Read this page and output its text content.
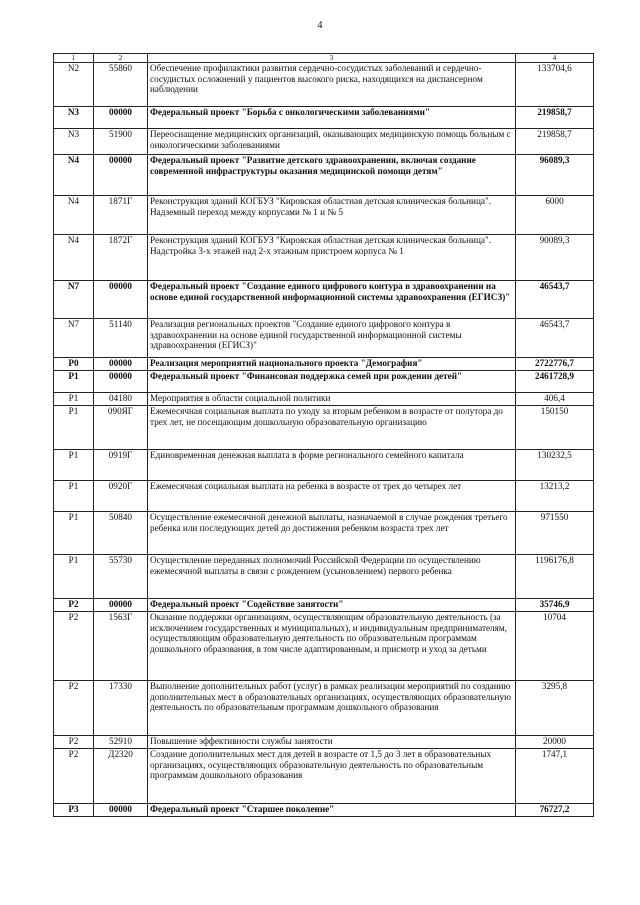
4
1	2	3	4
N2	55860	Обеспечение профилактики развития сердечно-сосудистых заболеваний и сердечно-сосудистых осложнений у пациентов высокого риска, находящихся на диспансерном наблюдении	133704,6
N3	00000	Федеральный проект "Борьба с онкологическими заболеваниями"	219858,7
N3	51900	Переоснащение медицинских организаций, оказывающих медицинскую помощь больным с онкологическими заболеваниями	219858,7
N4	00000	Федеральный проект "Развитие детского здравоохранения, включая создание современной инфраструктуры оказания медицинской помощи детям"	96089,3
N4	1871Г	Реконструкция зданий КОГБУЗ "Кировская областная детская клиническая больница". Надземный переход между корпусами № 1 и № 5	6000
N4	1872Г	Реконструкция зданий КОГБУЗ "Кировская областная детская клиническая больница". Надстройка 3-х этажей над 2-х этажным пристроем корпуса № 1	90089,3
N7	00000	Федеральный проект "Создание единого цифрового контура в здравоохранении на основе единой государственной информационной системы здравоохранения (ЕГИСЗ)"	46543,7
N7	51140	Реализация региональных проектов "Создание единого цифрового контура в здравоохранении на основе единой государственной информационной системы здравоохранения (ЕГИСЗ)"	46543,7
P0	00000	Реализация мероприятий национального проекта "Демография"	2722776,7
P1	00000	Федеральный проект "Финансовая поддержка семей при рождении детей"	2461728,9
P1	04180	Мероприятия в области социальной политики	406,4
P1	090ЯГ	Ежемесячная социальная выплата по уходу за вторым ребенком в возрасте от полутора до трех лет, не посещающим дошкольную образовательную организацию	150150
P1	0919Г	Единовременная денежная выплата в форме регионального семейного капитала	130232,5
P1	0920Г	Ежемесячная социальная выплата на ребенка в возрасте от трех до четырех лет	13213,2
P1	50840	Осуществление ежемесячной денежной выплаты, назначаемой в случае рождения третьего ребенка или последующих детей до достижения ребенком возраста трех лет	971550
P1	55730	Осуществление переданных полномочий Российской Федерации по осуществлению ежемесячной выплаты в связи с рождением (усыновлением) первого ребенка	1196176,8
P2	00000	Федеральный проект "Содействие занятости"	35746,9
P2	1563Г	Оказание поддержки организациям, осуществляющим образовательную деятельность (за исключением государственных и муниципальных), и индивидуальным предпринимателям, осуществляющим образовательную деятельность по образовательным программам дошкольного образования, в том числе адаптированным, и присмотр и уход за детьми	10704
P2	17330	Выполнение дополнительных работ (услуг) в рамках реализации мероприятий по созданию дополнительных мест в образовательных организациях, осуществляющих образовательную деятельность по образовательным программам дошкольного образования	3295,8
P2	52910	Повышение эффективности службы занятости	20000
P2	Д2320	Создание дополнительных мест для детей в возрасте от 1,5 до 3 лет в образовательных организациях, осуществляющих образовательную деятельность по образовательным программам дошкольного образования	1747,1
P3	00000	Федеральный проект "Старшее поколение"	76727,2
